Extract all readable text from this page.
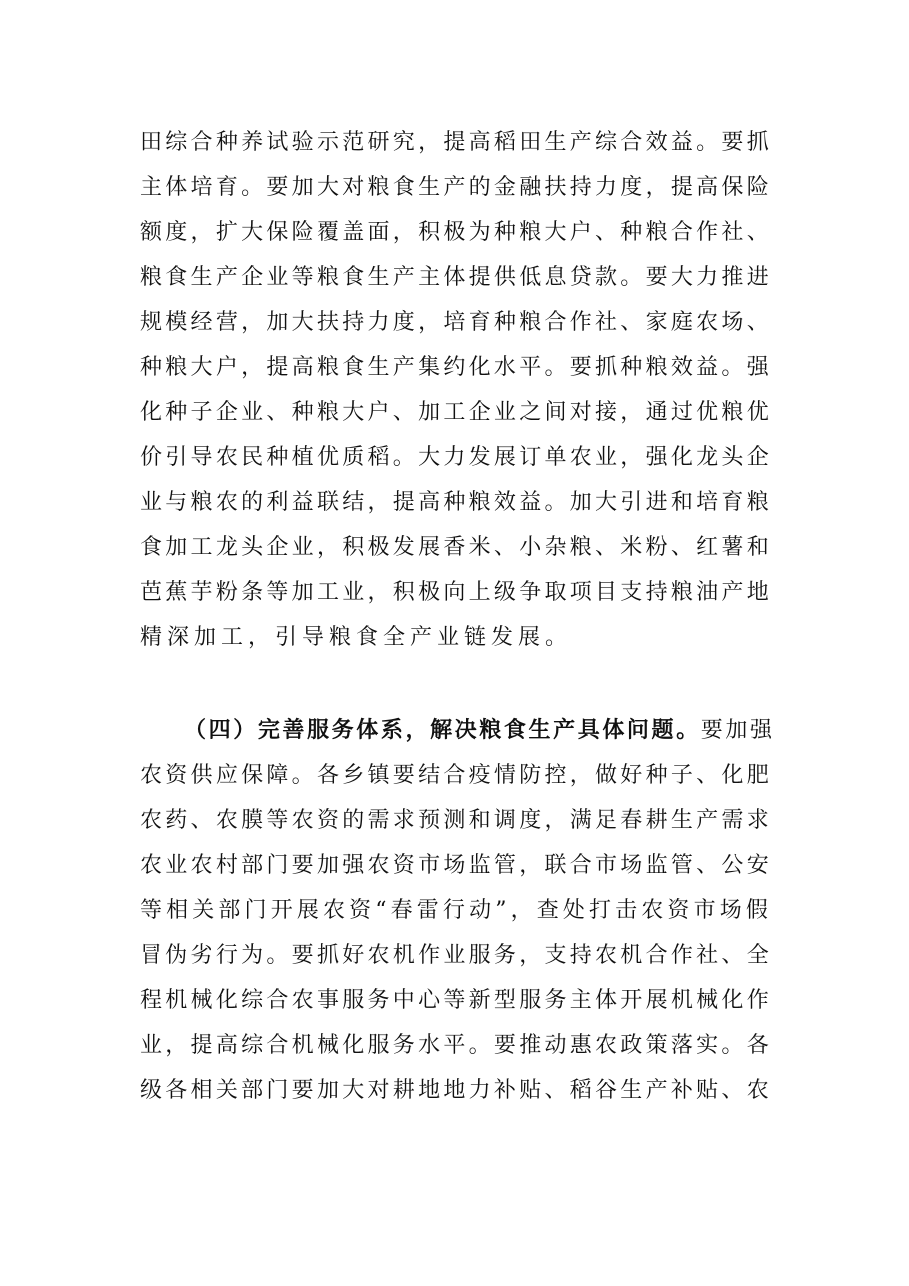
田综合种养试验示范研究，提高稻田生产综合效益。要抓
主体培育。要加大对粮食生产的金融扶持力度，提高保险
额度，扩大保险覆盖面，积极为种粮大户、种粮合作社、
粮食生产企业等粮食生产主体提供低息贷款。要大力推进
规模经营，加大扶持力度，培育种粮合作社、家庭农场、
种粮大户，提高粮食生产集约化水平。要抓种粮效益。强
化种子企业、种粮大户、加工企业之间对接，通过优粮优
价引导农民种植优质稻。大力发展订单农业，强化龙头企
业与粮农的利益联结，提高种粮效益。加大引进和培育粮
食加工龙头企业，积极发展香米、小杂粮、米粉、红薯和
芭蕉芋粉条等加工业，积极向上级争取项目支持粮油产地
精深加工，引导粮食全产业链发展。
（四）完善服务体系，解决粮食生产具体问题。要加强
农资供应保障。各乡镇要结合疫情防控，做好种子、化肥
农药、农膜等农资的需求预测和调度，满足春耕生产需求
农业农村部门要加强农资市场监管，联合市场监管、公安
等相关部门开展农资“春雷行动”，查处打击农资市场假
冒伪劣行为。要抓好农机作业服务，支持农机合作社、全
程机械化综合农事服务中心等新型服务主体开展机械化作
业，提高综合机械化服务水平。要推动惠农政策落实。各
级各相关部门要加大对耕地地力补贴、稻谷生产补贴、农
